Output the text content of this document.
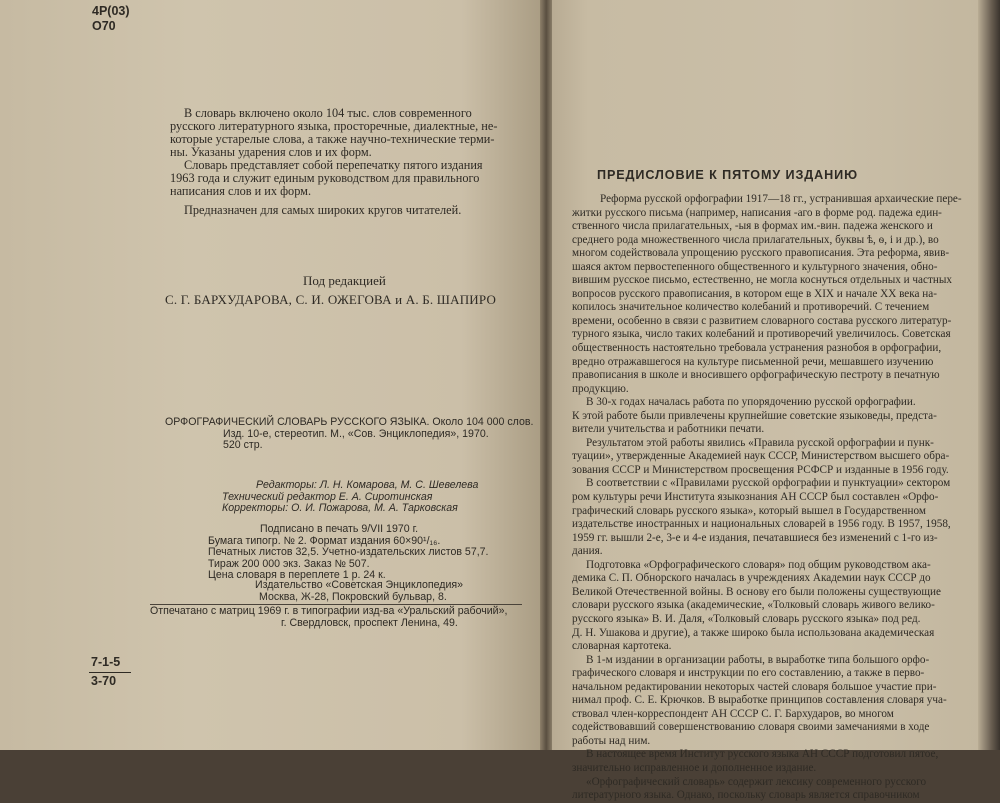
4Р(03)
О70
В словарь включено около 104 тыс. слов современного
русского литературного языка, просторечные, диалектные, не-
которые устарелые слова, а также научно-технические терми-
ны. Указаны ударения слов и их форм.
Словарь представляет собой перепечатку пятого издания
1963 года и служит единым руководством для правильного
написания слов и их форм.
Предназначен для самых широких кругов читателей.
Под редакцией
С. Г. БАРХУДАРОВА, С. И. ОЖЕГОВА и А. Б. ШАПИРО
ОРФОГРАФИЧЕСКИЙ СЛОВАРЬ РУССКОГО ЯЗЫКА. Около 104 000 слов.
Изд. 10-е, стереотип. М., «Сов. Энциклопедия», 1970.
520 стр.
Редакторы: Л. Н. Комарова, М. С. Шевелева
Технический редактор Е. А. Сиротинская
Корректоры: О. И. Пожарова, М. А. Тарковская
Подписано в печать 9/VII 1970 г.
Бумага типогр. № 2. Формат издания 60×90¹/₁₆.
Печатных листов 32,5. Учетно-издательских листов 57,7.
Тираж 200 000 экз. Заказ № 507.
Цена словаря в переплете 1 р. 24 к.
Издательство «Советская Энциклопедия»
Москва, Ж-28, Покровский бульвар, 8.
Отпечатано с матриц 1969 г. в типографии изд-ва «Уральский рабочий»,
г. Свердловск, проспект Ленина, 49.
7-1-5
3-70
ПРЕДИСЛОВИЕ К ПЯТОМУ ИЗДАНИЮ

Реформа русской орфографии 1917—18 гг., устранившая архаические пере-
житки русского письма (например, написания -аго в форме род. падежа един-
ственного числа прилагательных, -ыя в формах им.-вин. падежа женского и
среднего рода множественного числа прилагательных, буквы ѣ, ѳ, і и др.), во
многом содействовала упрощению русского правописания. Эта реформа, явив-
шаяся актом первостепенного общественного и культурного значения, обно-
вившим русское письмо, естественно, не могла коснуться отдельных и частных
вопросов русского правописания, в котором еще в XIX и начале XX века на-
копилось значительное количество колебаний и противоречий. С течением
времени, особенно в связи с развитием словарного состава русского литератур-
турного языка, число таких колебаний и противоречий увеличилось. Советская
общественность настоятельно требовала устранения разнобоя в орфографии,
вредно отражавшегося на культуре письменной речи, мешавшего изучению
правописания в школе и вносившего орфографическую пестроту в печатную
продукцию.

В 30-х годах началась работа по упорядочению русской орфографии.
К этой работе были привлечены крупнейшие советские языковеды, предста-
вители учительства и работники печати.

Результатом этой работы явились «Правила русской орфографии и пунк-
туации», утвержденные Академией наук СССР, Министерством высшего обра-
зования СССР и Министерством просвещения РСФСР и изданные в 1956 году.

В соответствии с «Правилами русской орфографии и пунктуации» сектором
ром культуры речи Института языкознания АН СССР был составлен «Орфо-
графический словарь русского языка», который вышел в Государственном
издательстве иностранных и национальных словарей в 1956 году. В 1957, 1958,
1959 гг. вышли 2-е, 3-е и 4-е издания, печатавшиеся без изменений с 1-го из-
дания.

Подготовка «Орфографического словаря» под общим руководством ака-
демика С. П. Обнорского началась в учреждениях Академии наук СССР до
Великой Отечественной войны. В основу его были положены существующие
словари русского языка (академические, «Толковый словарь живого велико-
русского языка» В. И. Даля, «Толковый словарь русского языка» под ред.
Д. Н. Ушакова и другие), а также широко была использована академическая
словарная картотека.

В 1-м издании в организации работы, в выработке типа большого орфо-
графического словаря и инструкции по его составлению, а также в перво-
начальном редактировании некоторых частей словаря большое участие при-
нимал проф. С. Е. Крючков. В выработке принципов составления словаря уча-
ствовал член-корреспондент АН СССР С. Г. Бархударов, во многом
содействовавший совершенствованию словаря своими замечаниями в ходе
работы над ним.

В настоящее время Институт русского языка АН СССР подготовил пятое,
значительно исправленное и дополненное издание.

«Орфографический словарь» содержит лексику современного русского
литературного языка. Однако, поскольку словарь является справочником
